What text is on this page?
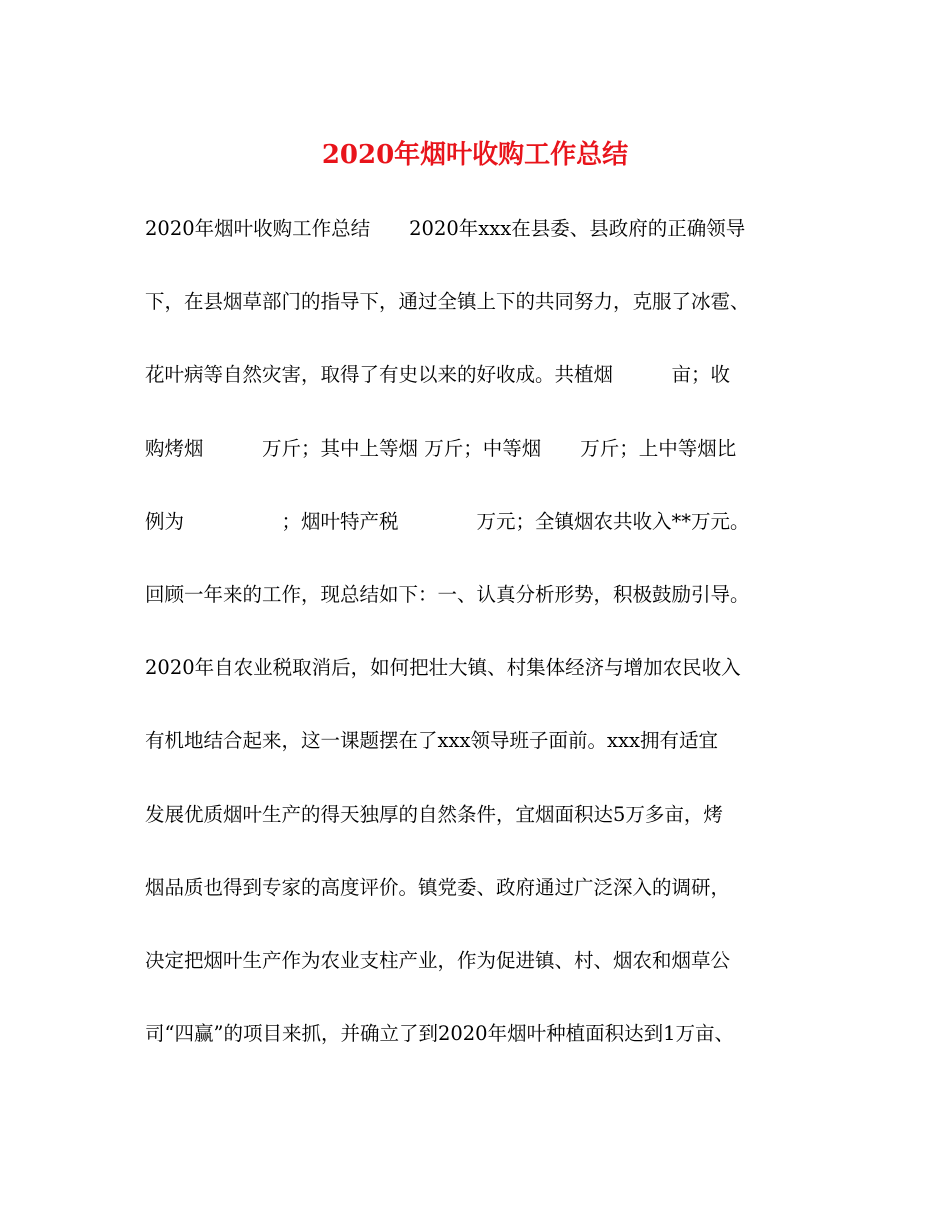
2020年烟叶收购工作总结
2020年烟叶收购工作总结　　2020年xxx在县委、县政府的正确领导
下，在县烟草部门的指导下，通过全镇上下的共同努力，克服了冰雹、
花叶病等自然灾害，取得了有史以来的好收成。共植烟　　　亩；收
购烤烟　　　万斤；其中上等烟 万斤；中等烟　　万斤；上中等烟比
例为　　　　　；烟叶特产税　　　　万元；全镇烟农共收入**万元。
回顾一年来的工作，现总结如下：一、认真分析形势，积极鼓励引导。
2020年自农业税取消后，如何把壮大镇、村集体经济与增加农民收入
有机地结合起来，这一课题摆在了xxx领导班子面前。xxx拥有适宜
发展优质烟叶生产的得天独厚的自然条件，宜烟面积达5万多亩，烤
烟品质也得到专家的高度评价。镇党委、政府通过广泛深入的调研，
决定把烟叶生产作为农业支柱产业，作为促进镇、村、烟农和烟草公
司“四赢”的项目来抓，并确立了到2020年烟叶种植面积达到1万亩、
